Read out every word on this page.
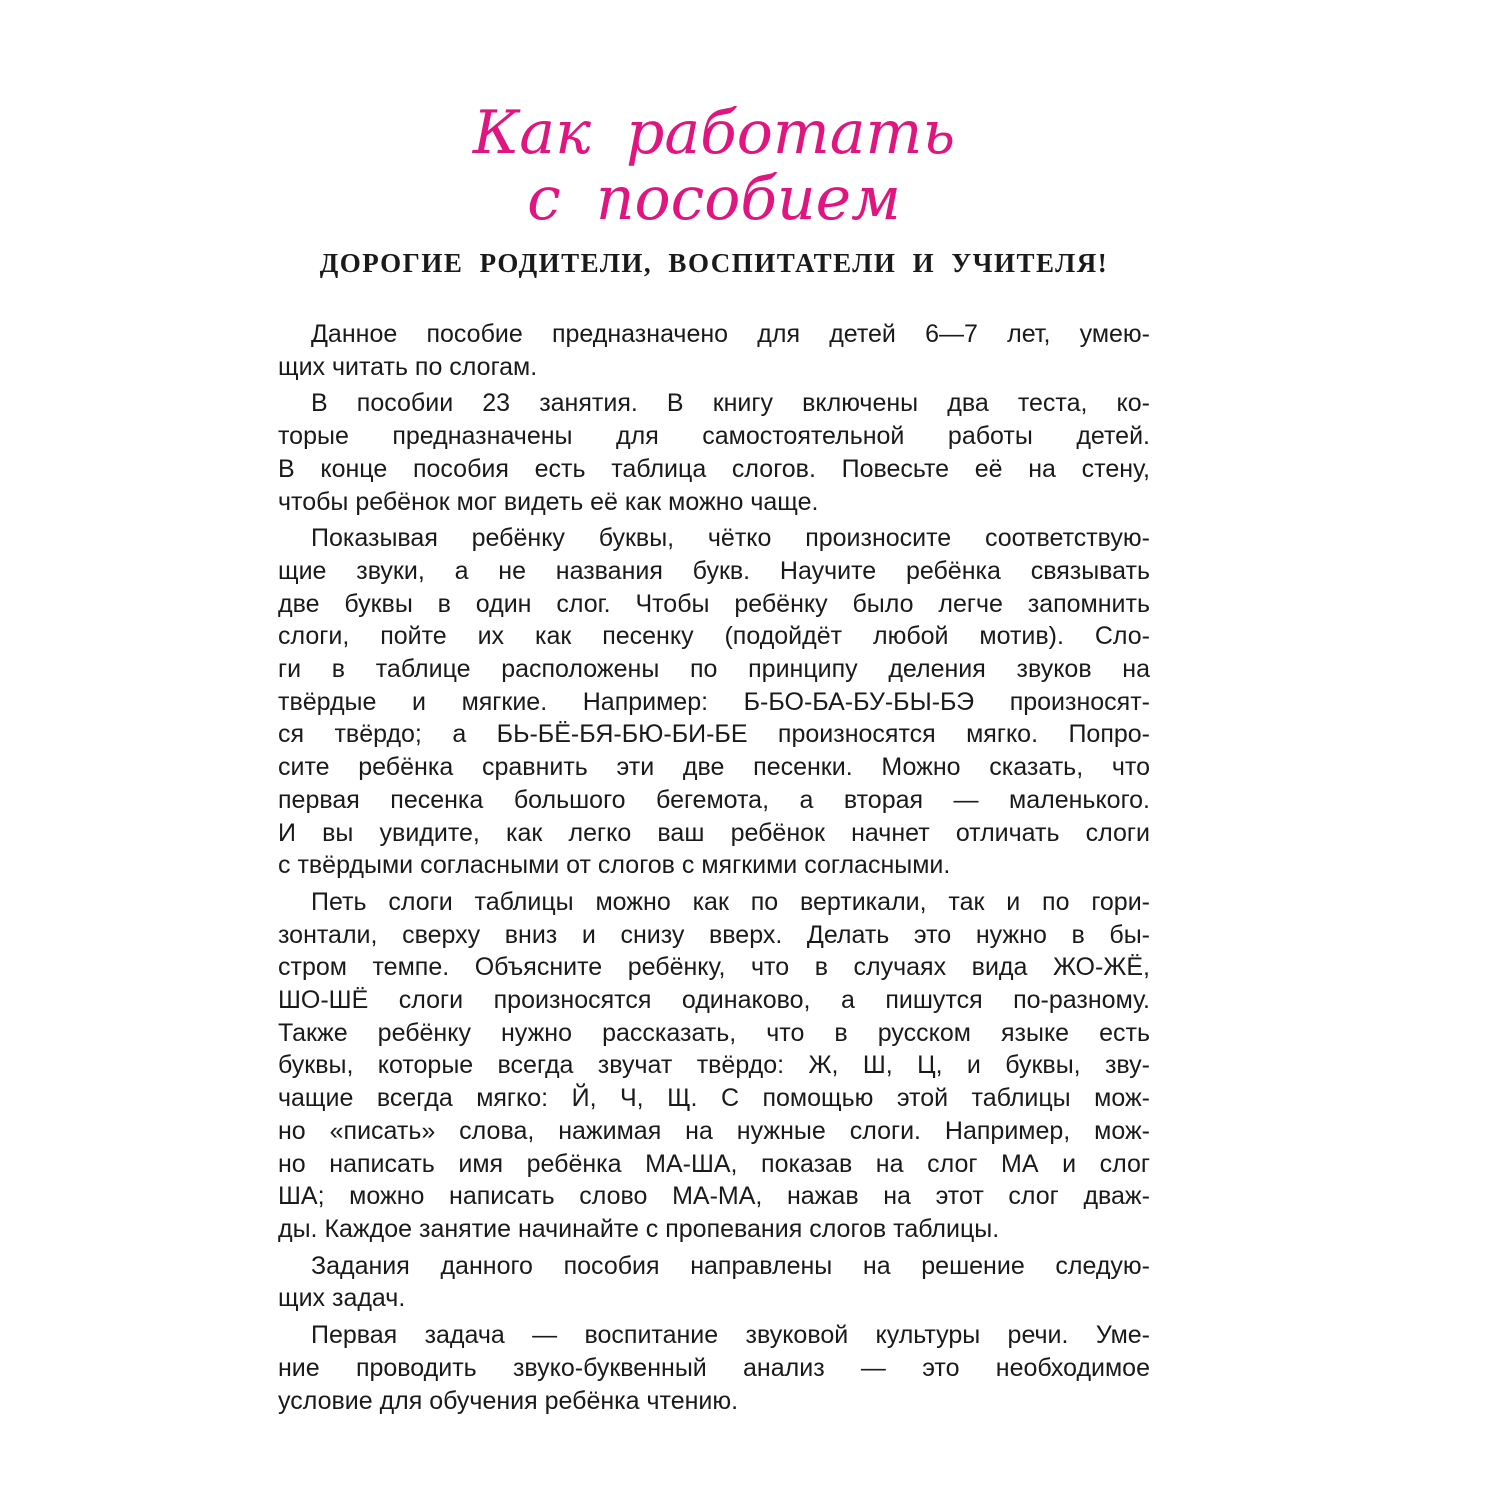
Как работать
с пособием
ДОРОГИЕ РОДИТЕЛИ, ВОСПИТАТЕЛИ И УЧИТЕЛЯ!

Данное пособие предназначено для детей 6—7 лет, умею-
щих читать по слогам.

В пособии 23 занятия. В книгу включены два теста, ко-
торые предназначены для самостоятельной работы детей.
В конце пособия есть таблица слогов. Повесьте её на стену,
чтобы ребёнок мог видеть её как можно чаще.

Показывая ребёнку буквы, чётко произносите соответствую-
щие звуки, а не названия букв. Научите ребёнка связывать
две буквы в один слог. Чтобы ребёнку было легче запомнить
слоги, пойте их как песенку (подойдёт любой мотив). Сло-
ги в таблице расположены по принципу деления звуков на
твёрдые и мягкие. Например: Б-БО-БА-БУ-БЫ-БЭ произносят-
ся твёрдо; а БЬ-БЁ-БЯ-БЮ-БИ-БЕ произносятся мягко. Попро-
сите ребёнка сравнить эти две песенки. Можно сказать, что
первая песенка большого бегемота, а вторая — маленького.
И вы увидите, как легко ваш ребёнок начнет отличать слоги
с твёрдыми согласными от слогов с мягкими согласными.

Петь слоги таблицы можно как по вертикали, так и по гори-
зонтали, сверху вниз и снизу вверх. Делать это нужно в бы-
стром темпе. Объясните ребёнку, что в случаях вида ЖО-ЖЁ,
ШО-ШЁ слоги произносятся одинаково, а пишутся по-разному.
Также ребёнку нужно рассказать, что в русском языке есть
буквы, которые всегда звучат твёрдо: Ж, Ш, Ц, и буквы, зву-
чащие всегда мягко: Й, Ч, Щ. С помощью этой таблицы мож-
но «писать» слова, нажимая на нужные слоги. Например, мож-
но написать имя ребёнка МА-ША, показав на слог МА и слог
ША; можно написать слово МА-МА, нажав на этот слог дваж-
ды. Каждое занятие начинайте с пропевания слогов таблицы.

Задания данного пособия направлены на решение следую-
щих задач.

Первая задача — воспитание звуковой культуры речи. Уме-
ние проводить звуко-буквенный анализ — это необходимое
условие для обучения ребёнка чтению.
